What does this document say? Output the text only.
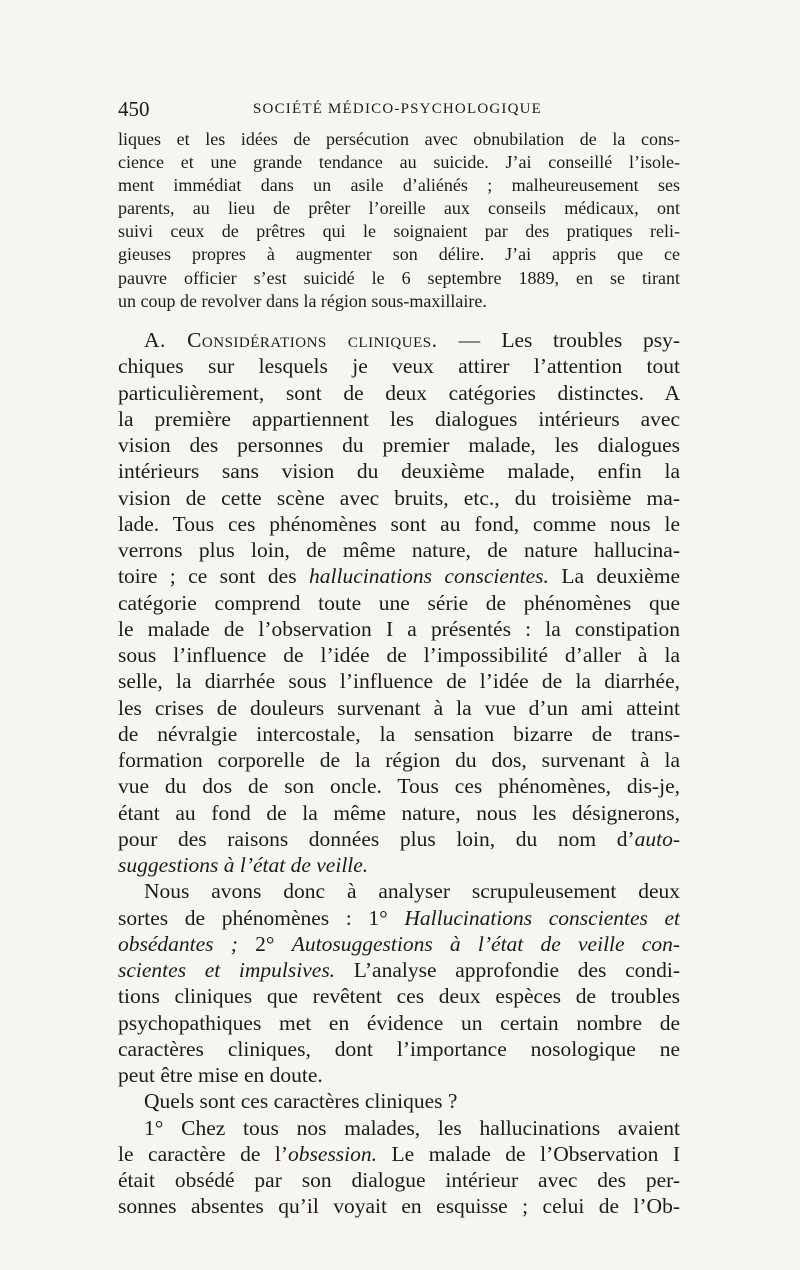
450	SOCIÉTÉ MÉDICO-PSYCHOLOGIQUE
liques et les idées de persécution avec obnubilation de la cons-
cience et une grande tendance au suicide. J’ai conseillé l’isole-
ment immédiat dans un asile d’aliénés ; malheureusement ses
parents, au lieu de prêter l’oreille aux conseils médicaux, ont
suivi ceux de prêtres qui le soignaient par des pratiques reli-
gieuses propres à augmenter son délire. J’ai appris que ce
pauvre officier s’est suicidé le 6 septembre 1889, en se tirant
un coup de revolver dans la région sous-maxillaire.
A. Considérations cliniques. — Les troubles psy-
chiques sur lesquels je veux attirer l’attention tout
particulièrement, sont de deux catégories distinctes. A
la première appartiennent les dialogues intérieurs avec
vision des personnes du premier malade, les dialogues
intérieurs sans vision du deuxième malade, enfin la
vision de cette scène avec bruits, etc., du troisième ma-
lade. Tous ces phénomènes sont au fond, comme nous le
verrons plus loin, de même nature, de nature hallucina-
toire ; ce sont des hallucinations conscientes. La deuxième
catégorie comprend toute une série de phénomènes que
le malade de l’observation I a présentés : la constipation
sous l’influence de l’idée de l’impossibilité d’aller à la
selle, la diarrhée sous l’influence de l’idée de la diarrhée,
les crises de douleurs survenant à la vue d’un ami atteint
de névralgie intercostale, la sensation bizarre de trans-
formation corporelle de la région du dos, survenant à la
vue du dos de son oncle. Tous ces phénomènes, dis-je,
étant au fond de la même nature, nous les désignerons,
pour des raisons données plus loin, du nom d’auto-
suggestions à l’état de veille.
Nous avons donc à analyser scrupuleusement deux
sortes de phénomènes : 1° Hallucinations conscientes et
obsédantes ; 2° Autosuggestions à l’état de veille con-
scientes et impulsives. L’analyse approfondie des condi-
tions cliniques que revêtent ces deux espèces de troubles
psychopathiques met en évidence un certain nombre de
caractères cliniques, dont l’importance nosologique ne
peut être mise en doute.
Quels sont ces caractères cliniques ?
1° Chez tous nos malades, les hallucinations avaient
le caractère de l’obsession. Le malade de l’Observation I
était obsédé par son dialogue intérieur avec des per-
sonnes absentes qu’il voyait en esquisse ; celui de l’Ob-
